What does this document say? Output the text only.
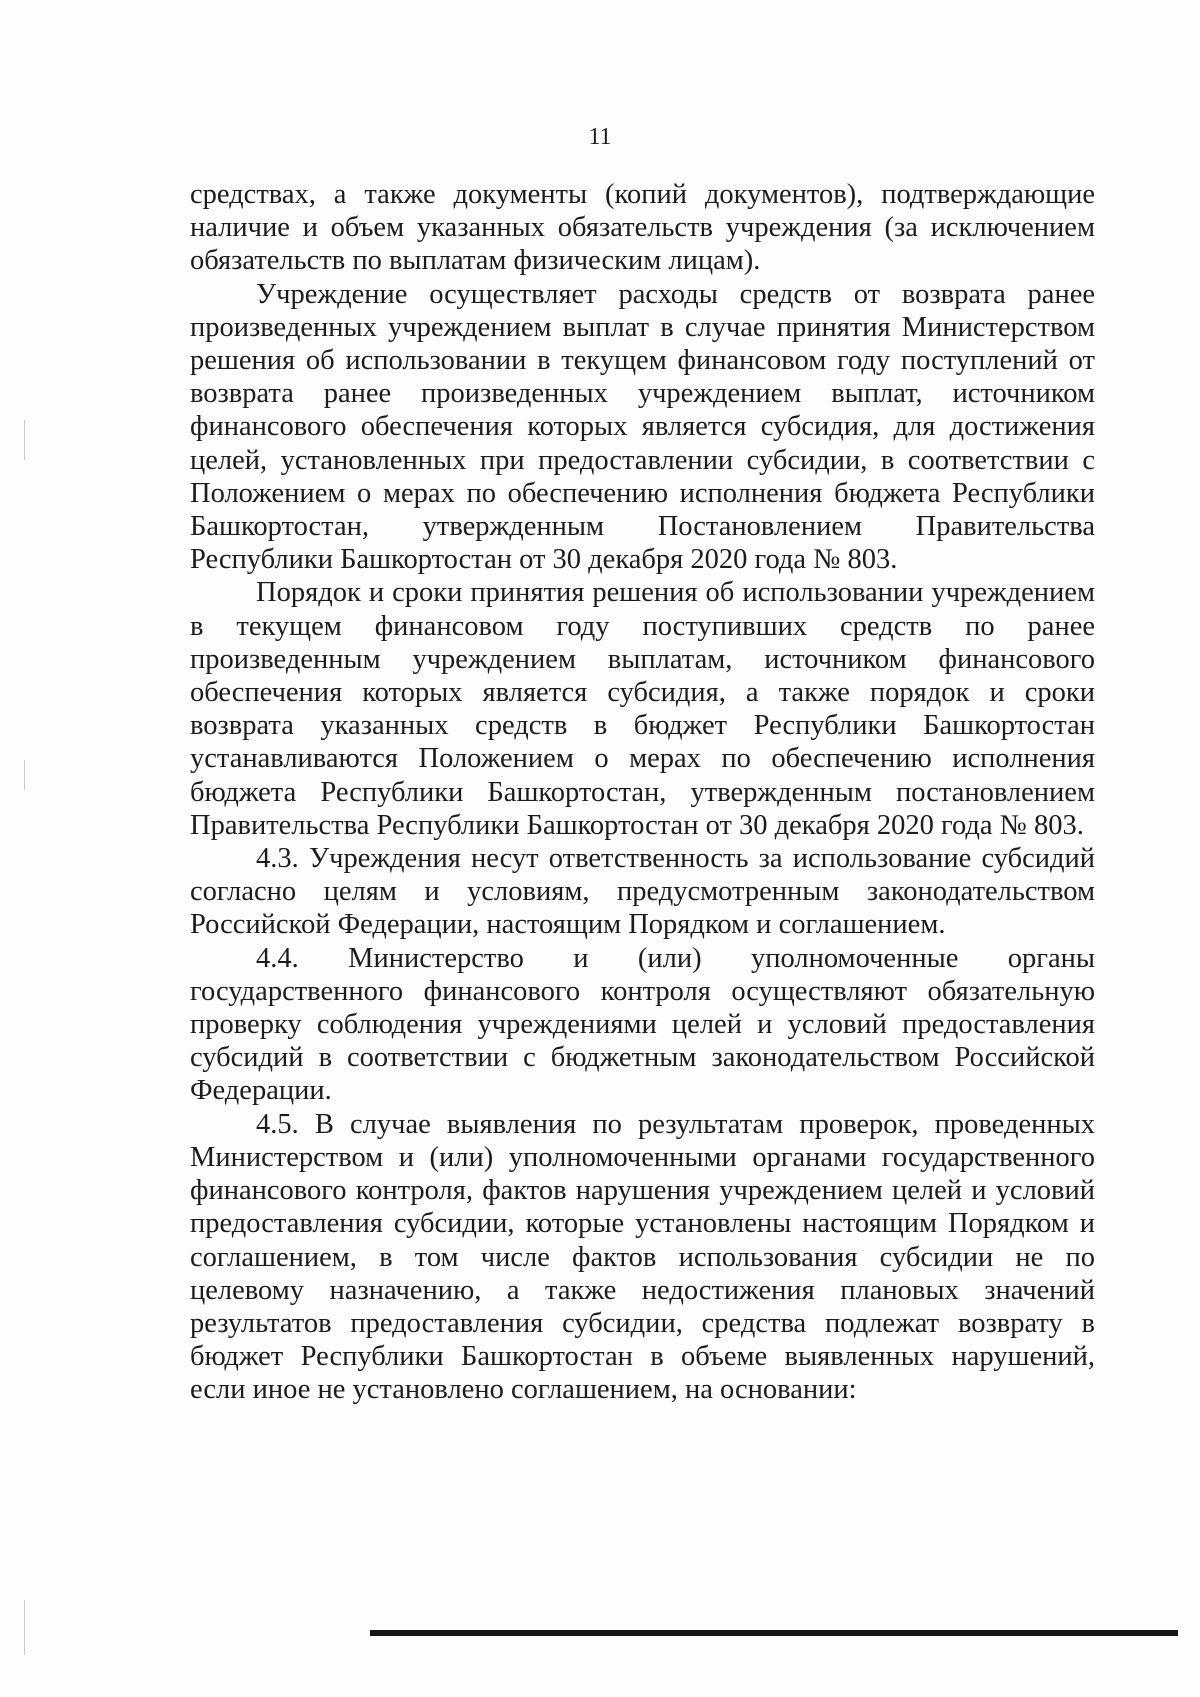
11

средствах, а также документы (копий документов), подтверждающие наличие и объем указанных обязательств учреждения (за исключением обязательств по выплатам физическим лицам).

Учреждение осуществляет расходы средств от возврата ранее произведенных учреждением выплат в случае принятия Министерством решения об использовании в текущем финансовом году поступлений от возврата ранее произведенных учреждением выплат, источником финансового обеспечения которых является субсидия, для достижения целей, установленных при предоставлении субсидии, в соответствии с Положением о мерах по обеспечению исполнения бюджета Республики Башкортостан, утвержденным Постановлением Правительства Республики Башкортостан от 30 декабря 2020 года № 803.

Порядок и сроки принятия решения об использовании учреждением в текущем финансовом году поступивших средств по ранее произведенным учреждением выплатам, источником финансового обеспечения которых является субсидия, а также порядок и сроки возврата указанных средств в бюджет Республики Башкортостан устанавливаются Положением о мерах по обеспечению исполнения бюджета Республики Башкортостан, утвержденным постановлением Правительства Республики Башкортостан от 30 декабря 2020 года № 803.

4.3. Учреждения несут ответственность за использование субсидий согласно целям и условиям, предусмотренным законодательством Российской Федерации, настоящим Порядком и соглашением.

4.4. Министерство и (или) уполномоченные органы государственного финансового контроля осуществляют обязательную проверку соблюдения учреждениями целей и условий предоставления субсидий в соответствии с бюджетным законодательством Российской Федерации.

4.5. В случае выявления по результатам проверок, проведенных Министерством и (или) уполномоченными органами государственного финансового контроля, фактов нарушения учреждением целей и условий предоставления субсидии, которые установлены настоящим Порядком и соглашением, в том числе фактов использования субсидии не по целевому назначению, а также недостижения плановых значений результатов предоставления субсидии, средства подлежат возврату в бюджет Республики Башкортостан в объеме выявленных нарушений, если иное не установлено соглашением, на основании:
